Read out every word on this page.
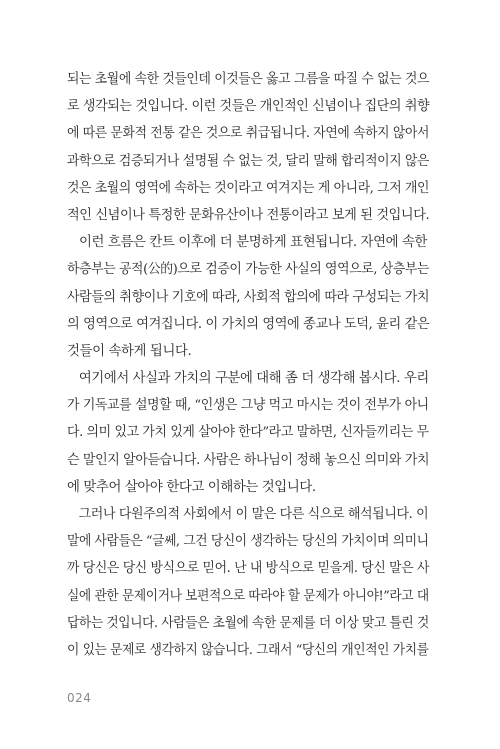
되는 초월에 속한 것들인데 이것들은 옳고 그름을 따질 수 없는 것으
로 생각되는 것입니다. 이런 것들은 개인적인 신념이나 집단의 취향
에 따른 문화적 전통 같은 것으로 취급됩니다. 자연에 속하지 않아서
과학으로 검증되거나 설명될 수 없는 것, 달리 말해 합리적이지 않은
것은 초월의 영역에 속하는 것이라고 여겨지는 게 아니라, 그저 개인
적인 신념이나 특정한 문화유산이나 전통이라고 보게 된 것입니다.
이런 흐름은 칸트 이후에 더 분명하게 표현됩니다. 자연에 속한
하층부는 공적(公的)으로 검증이 가능한 사실의 영역으로, 상층부는
사람들의 취향이나 기호에 따라, 사회적 합의에 따라 구성되는 가치
의 영역으로 여겨집니다. 이 가치의 영역에 종교나 도덕, 윤리 같은
것들이 속하게 됩니다.
여기에서 사실과 가치의 구분에 대해 좀 더 생각해 봅시다. 우리
가 기독교를 설명할 때, “인생은 그냥 먹고 마시는 것이 전부가 아니
다. 의미 있고 가치 있게 살아야 한다”라고 말하면, 신자들끼리는 무
슨 말인지 알아듣습니다. 사람은 하나님이 정해 놓으신 의미와 가치
에 맞추어 살아야 한다고 이해하는 것입니다.
그러나 다원주의적 사회에서 이 말은 다른 식으로 해석됩니다. 이
말에 사람들은 “글쎄, 그건 당신이 생각하는 당신의 가치이며 의미니
까 당신은 당신 방식으로 믿어. 난 내 방식으로 믿을게. 당신 말은 사
실에 관한 문제이거나 보편적으로 따라야 할 문제가 아니야!”라고 대
답하는 것입니다. 사람들은 초월에 속한 문제를 더 이상 맞고 틀린 것
이 있는 문제로 생각하지 않습니다. 그래서 “당신의 개인적인 가치를
024
